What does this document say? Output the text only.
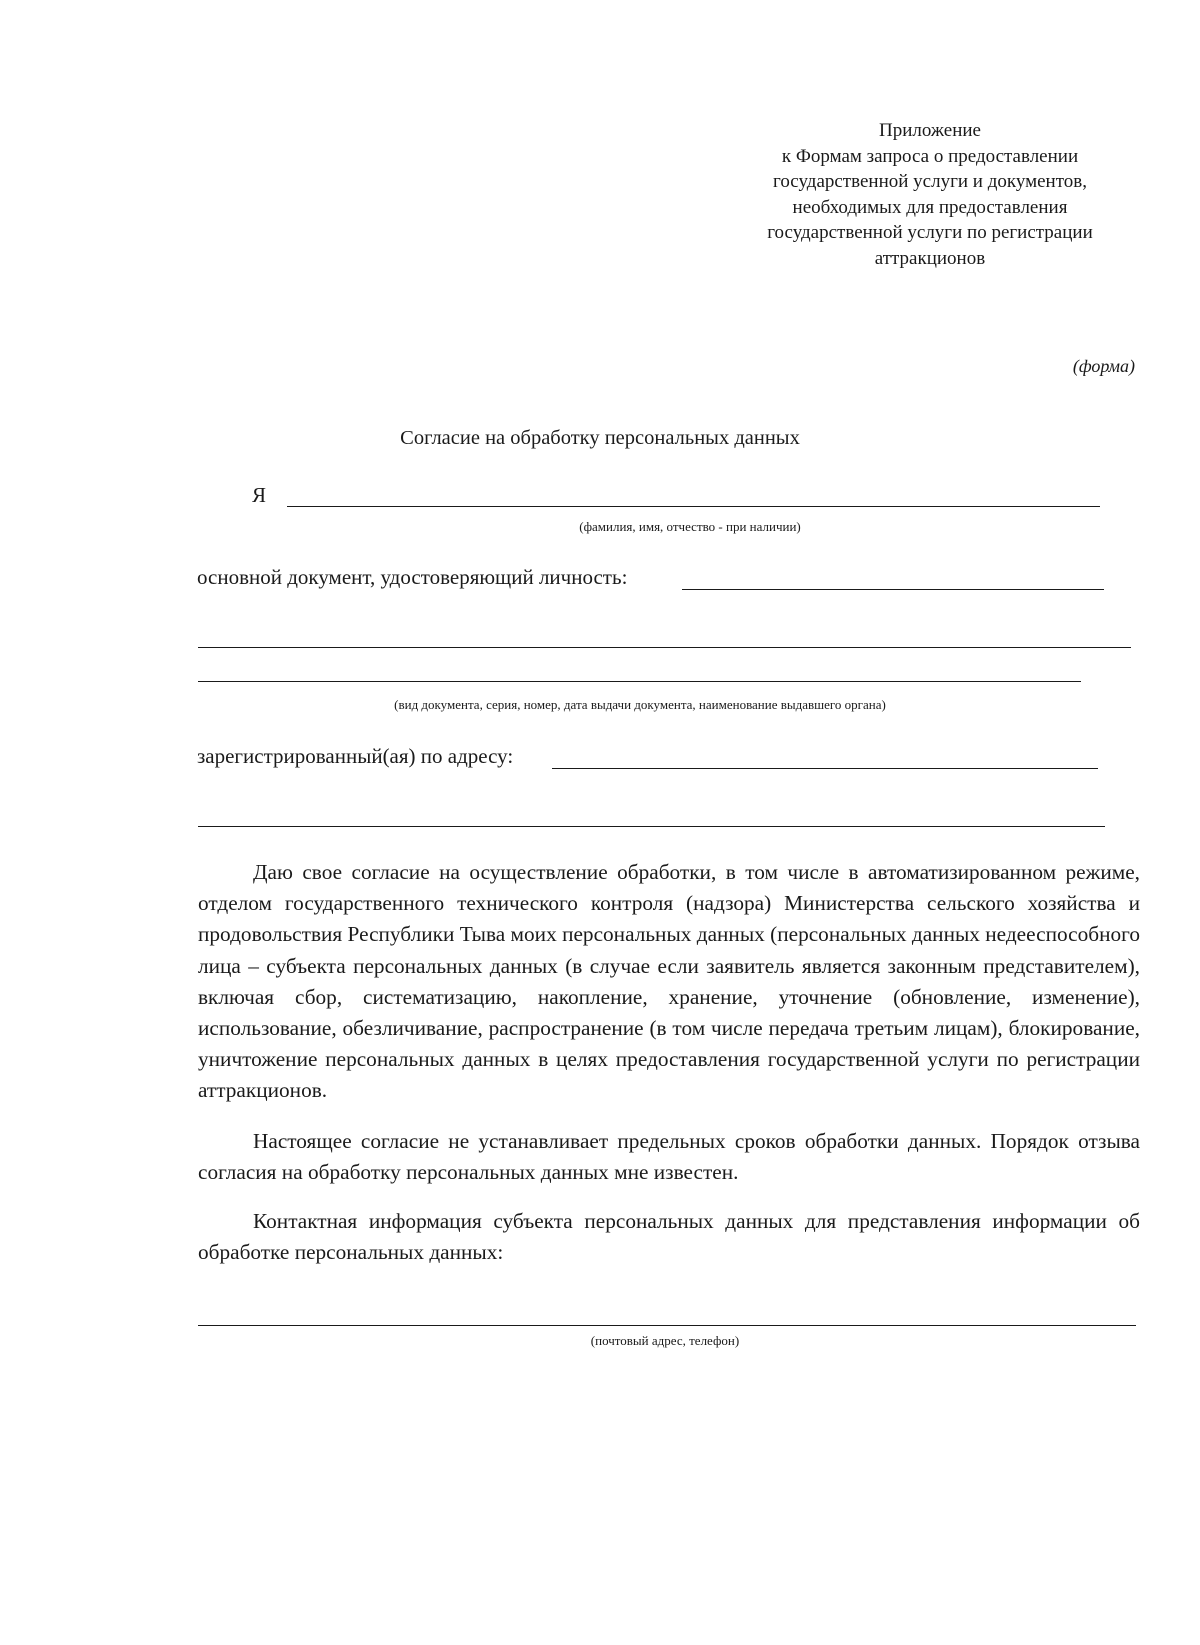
Приложение
к Формам запроса о предоставлении
государственной услуги и документов,
необходимых для предоставления
государственной услуги по регистрации
аттракционов
(форма)
Согласие на обработку персональных данных
Я
(фамилия, имя, отчество - при наличии)
основной документ, удостоверяющий личность:
(вид документа, серия, номер, дата выдачи документа, наименование выдавшего органа)
зарегистрированный(ая) по адресу:

Даю свое согласие на осуществление обработки, в том числе в автоматизированном режиме, отделом государственного технического контроля (надзора) Министерства сельского хозяйства и продовольствия Республики Тыва моих персональных данных (персональных данных недееспособного лица – субъекта персональных данных (в случае если заявитель является законным представителем), включая сбор, систематизацию, накопление, хранение, уточнение (обновление, изменение), использование, обезличивание, распространение (в том числе передача третьим лицам), блокирование, уничтожение персональных данных в целях предоставления государственной услуги по регистрации аттракционов.

Настоящее согласие не устанавливает предельных сроков обработки данных. Порядок отзыва согласия на обработку персональных данных мне известен.

Контактная информация субъекта персональных данных для представления информации об обработке персональных данных:

(почтовый адрес, телефон)
